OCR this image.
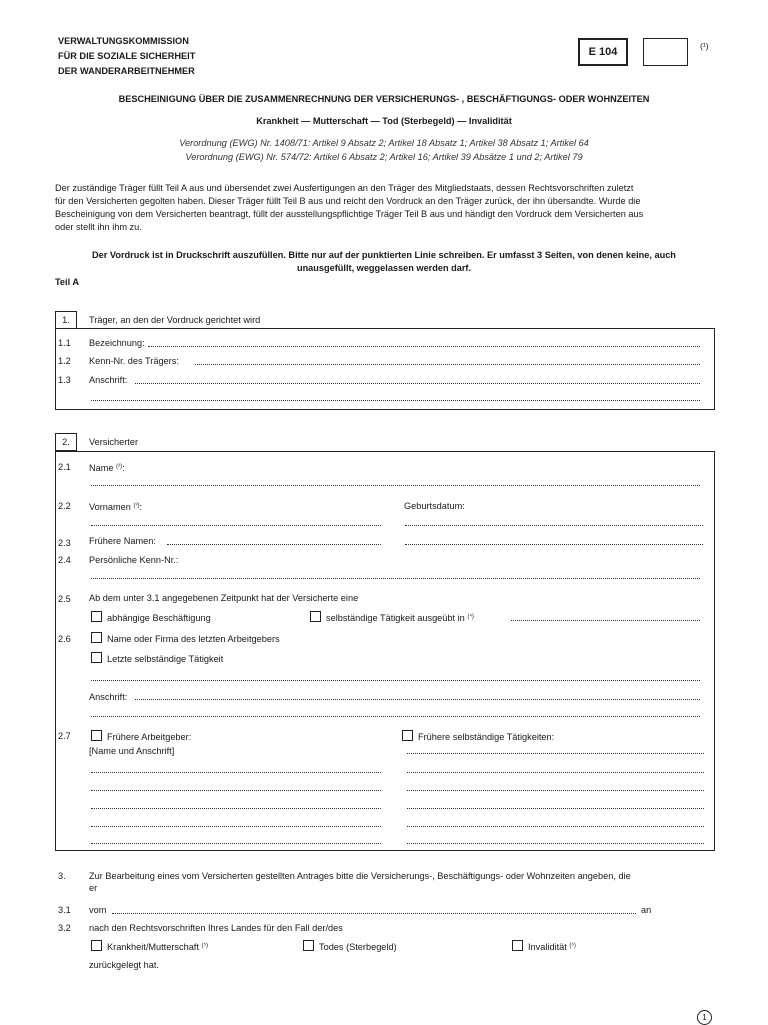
VERWALTUNGSKOMMISSION
FÜR DIE SOZIALE SICHERHEIT
DER WANDERARBEITNEHMER
E 104	(¹)
BESCHEINIGUNG ÜBER DIE ZUSAMMENRECHNUNG DER VERSICHERUNGS- , BESCHÄFTIGUNGS- ODER WOHNZEITEN
Krankheit — Mutterschaft — Tod (Sterbegeld) — Invalidität
Verordnung (EWG) Nr. 1408/71: Artikel 9 Absatz 2; Artikel 18 Absatz 1; Artikel 38 Absatz 1; Artikel 64
Verordnung (EWG) Nr. 574/72: Artikel 6 Absatz 2; Artikel 16; Artikel 39 Absätze 1 und 2; Artikel 79
Der zuständige Träger füllt Teil A aus und übersendet zwei Ausfertigungen an den Träger des Mitgliedstaats, dessen Rechtsvorschriften zuletzt
für den Versicherten gegolten haben. Dieser Träger füllt Teil B aus und reicht den Vordruck an den Träger zurück, der ihn übersandte. Wurde die
Bescheinigung von dem Versicherten beantragt, füllt der ausstellungspflichtige Träger Teil B aus und händigt den Vordruck dem Versicherten aus
oder stellt ihn ihm zu.
Der Vordruck ist in Druckschrift auszufüllen. Bitte nur auf der punktierten Linie schreiben. Er umfasst 3 Seiten, von denen keine, auch
unausgefüllt, weggelassen werden darf.
Teil A
1.	Träger, an den der Vordruck gerichtet wird
1.1 Bezeichnung:
1.2 Kenn-Nr. des Trägers:
1.3 Anschrift:
2.	Versicherter
2.1 Name $^{(^2)}$:
2.2 Vornamen $^{(^3)}$:	Geburtsdatum:
2.3 Frühere Namen:
2.4 Persönliche Kenn-Nr.:
2.5 Ab dem unter 3.1 angegebenen Zeitpunkt hat der Versicherte eine
abhängige Beschäftigung	selbständige Tätigkeit ausgeübt in $^{(^4)}$
2.6	Name oder Firma des letzten Arbeitgebers
Letzte selbständige Tätigkeit
Anschrift:
2.7	Frühere Arbeitgeber:
[Name und Anschrift]
Frühere selbständige Tätigkeiten:
3.	Zur Bearbeitung eines vom Versicherten gestellten Antrages bitte die Versicherungs-, Beschäftigungs- oder Wohnzeiten angeben, die
er
3.1 vom	an
3.2 nach den Rechtsvorschriften Ihres Landes für den Fall der/des
Krankheit/Mutterschaft $^{(^5)}$	Todes (Sterbegeld)	Invalidität $^{(^6)}$
zurückgelegt hat.
1
